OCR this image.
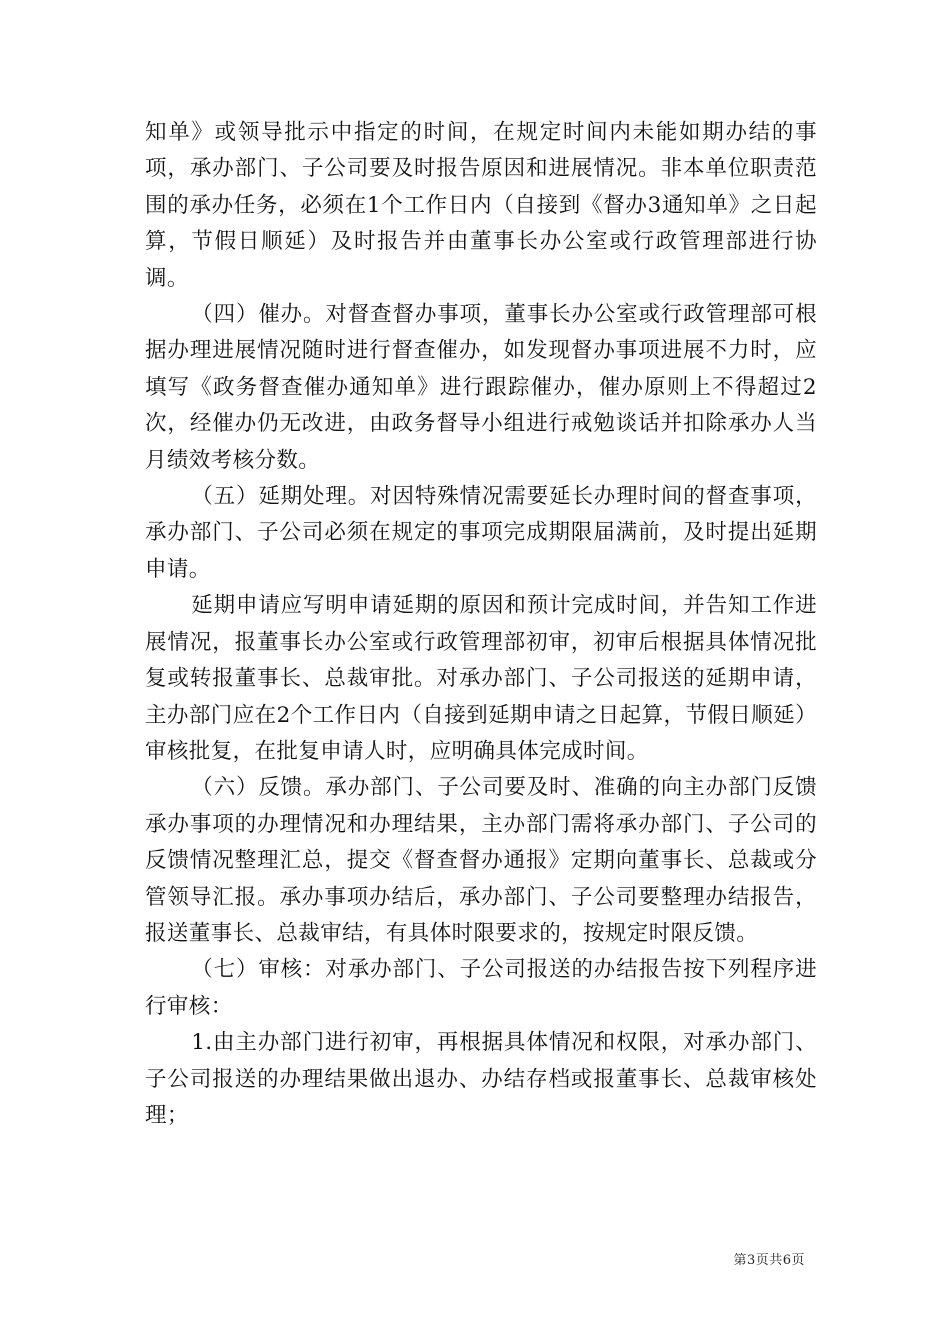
知单》或领导批示中指定的时间，在规定时间内未能如期办结的事项，承办部门、子公司要及时报告原因和进展情况。非本单位职责范围的承办任务，必须在1个工作日内（自接到《督办3通知单》之日起算，节假日顺延）及时报告并由董事长办公室或行政管理部进行协调。

（四）催办。对督查督办事项，董事长办公室或行政管理部可根据办理进展情况随时进行督查催办，如发现督办事项进展不力时，应填写《政务督查催办通知单》进行跟踪催办，催办原则上不得超过2次，经催办仍无改进，由政务督导小组进行戒勉谈话并扣除承办人当月绩效考核分数。

（五）延期处理。对因特殊情况需要延长办理时间的督查事项，承办部门、子公司必须在规定的事项完成期限届满前，及时提出延期申请。

延期申请应写明申请延期的原因和预计完成时间，并告知工作进展情况，报董事长办公室或行政管理部初审，初审后根据具体情况批复或转报董事长、总裁审批。对承办部门、子公司报送的延期申请，主办部门应在2个工作日内（自接到延期申请之日起算，节假日顺延）审核批复，在批复申请人时，应明确具体完成时间。

（六）反馈。承办部门、子公司要及时、准确的向主办部门反馈承办事项的办理情况和办理结果，主办部门需将承办部门、子公司的反馈情况整理汇总，提交《督查督办通报》定期向董事长、总裁或分管领导汇报。承办事项办结后，承办部门、子公司要整理办结报告，报送董事长、总裁审结，有具体时限要求的，按规定时限反馈。

（七）审核：对承办部门、子公司报送的办结报告按下列程序进行审核：

1.由主办部门进行初审，再根据具体情况和权限，对承办部门、子公司报送的办理结果做出退办、办结存档或报董事长、总裁审核处理；

第3页共6页
